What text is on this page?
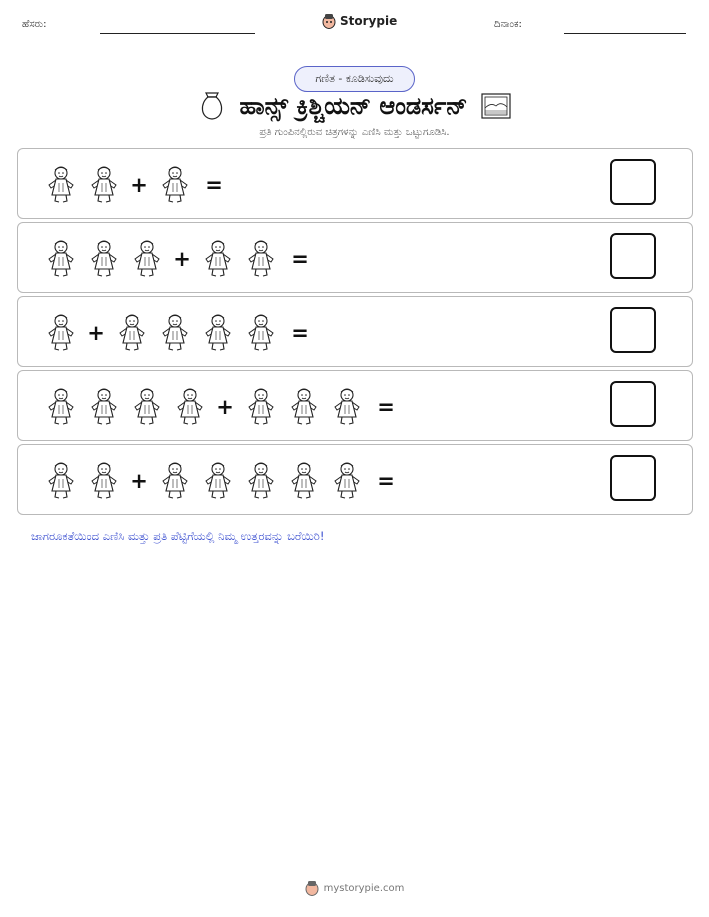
ಹೆಸರು:	Storypie	ದಿನಾಂಕ:
ಗಣಿತ - ಕೂಡಿಸುವುದು
ಹಾನ್ಸ್ ಕ್ರಿಶ್ಚಿಯನ್ ಆಂಡರ್ಸನ್
ಪ್ರತಿ ಗುಂಪಿನಲ್ಲಿರುವ ಚಿತ್ರಗಳನ್ನು ಎಣಿಸಿ ಮತ್ತು ಒಟ್ಟುಗೂಡಿಸಿ.
+	=
+	=
+	=
+	=
+	=
ಜಾಗರೂಕತೆಯಿಂದ ಎಣಿಸಿ ಮತ್ತು ಪ್ರತಿ ಪೆಟ್ಟಿಗೆಯಲ್ಲಿ ನಿಮ್ಮ ಉತ್ತರವನ್ನು ಬರೆಯಿರಿ!
mystorypie.com
